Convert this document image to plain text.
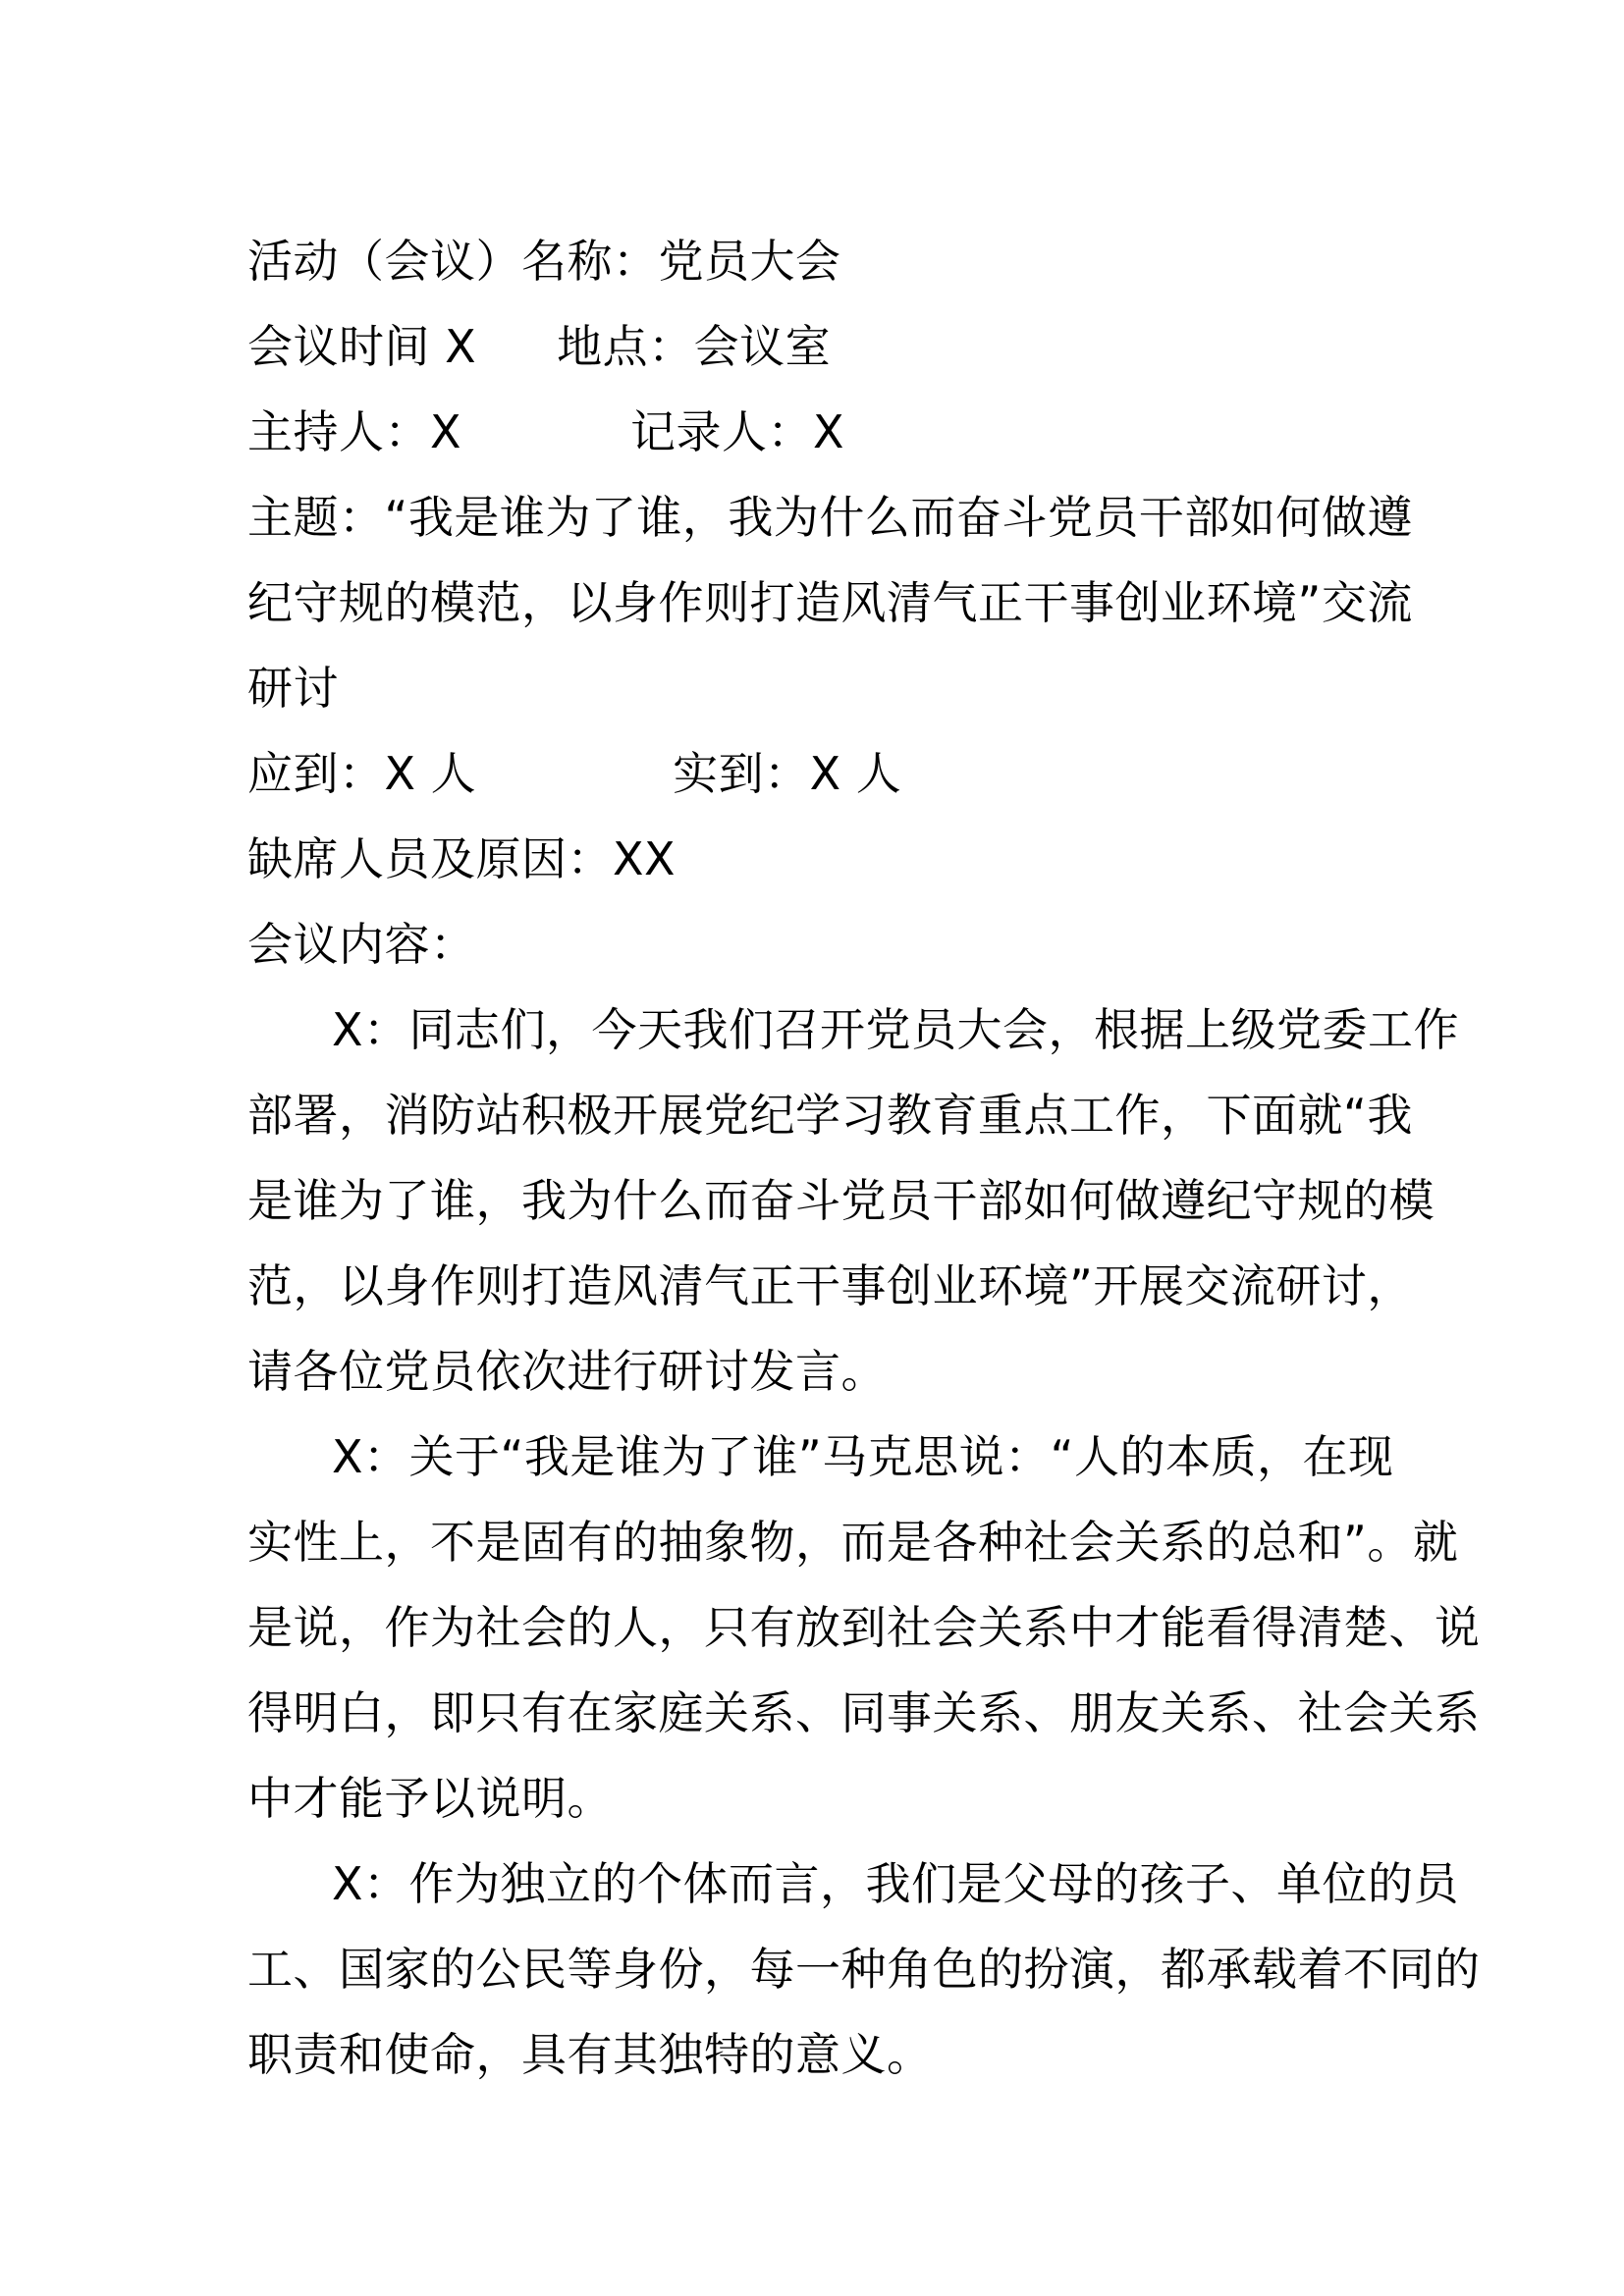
活动（会议）名称：党员大会
会议时间 X 地点：会议室
主持人：X	记录人：X
主题：“我是谁为了谁，我为什么而奋斗党员干部如何做遵
纪守规的模范，以身作则打造风清气正干事创业环境”交流
研讨
应到：X 人	实到：X 人
缺席人员及原因：XX
会议内容：
X：同志们，今天我们召开党员大会，根据上级党委工作
部署，消防站积极开展党纪学习教育重点工作，下面就“我
是谁为了谁，我为什么而奋斗党员干部如何做遵纪守规的模
范，以身作则打造风清气正干事创业环境”开展交流研讨，
请各位党员依次进行研讨发言。
X：关于“我是谁为了谁”马克思说：“人的本质，在现
实性上，不是固有的抽象物，而是各种社会关系的总和”。就
是说，作为社会的人，只有放到社会关系中才能看得清楚、说
得明白，即只有在家庭关系、同事关系、朋友关系、社会关系
中才能予以说明。
X：作为独立的个体而言，我们是父母的孩子、单位的员
工、国家的公民等身份，每一种角色的扮演，都承载着不同的
职责和使命，具有其独特的意义。
